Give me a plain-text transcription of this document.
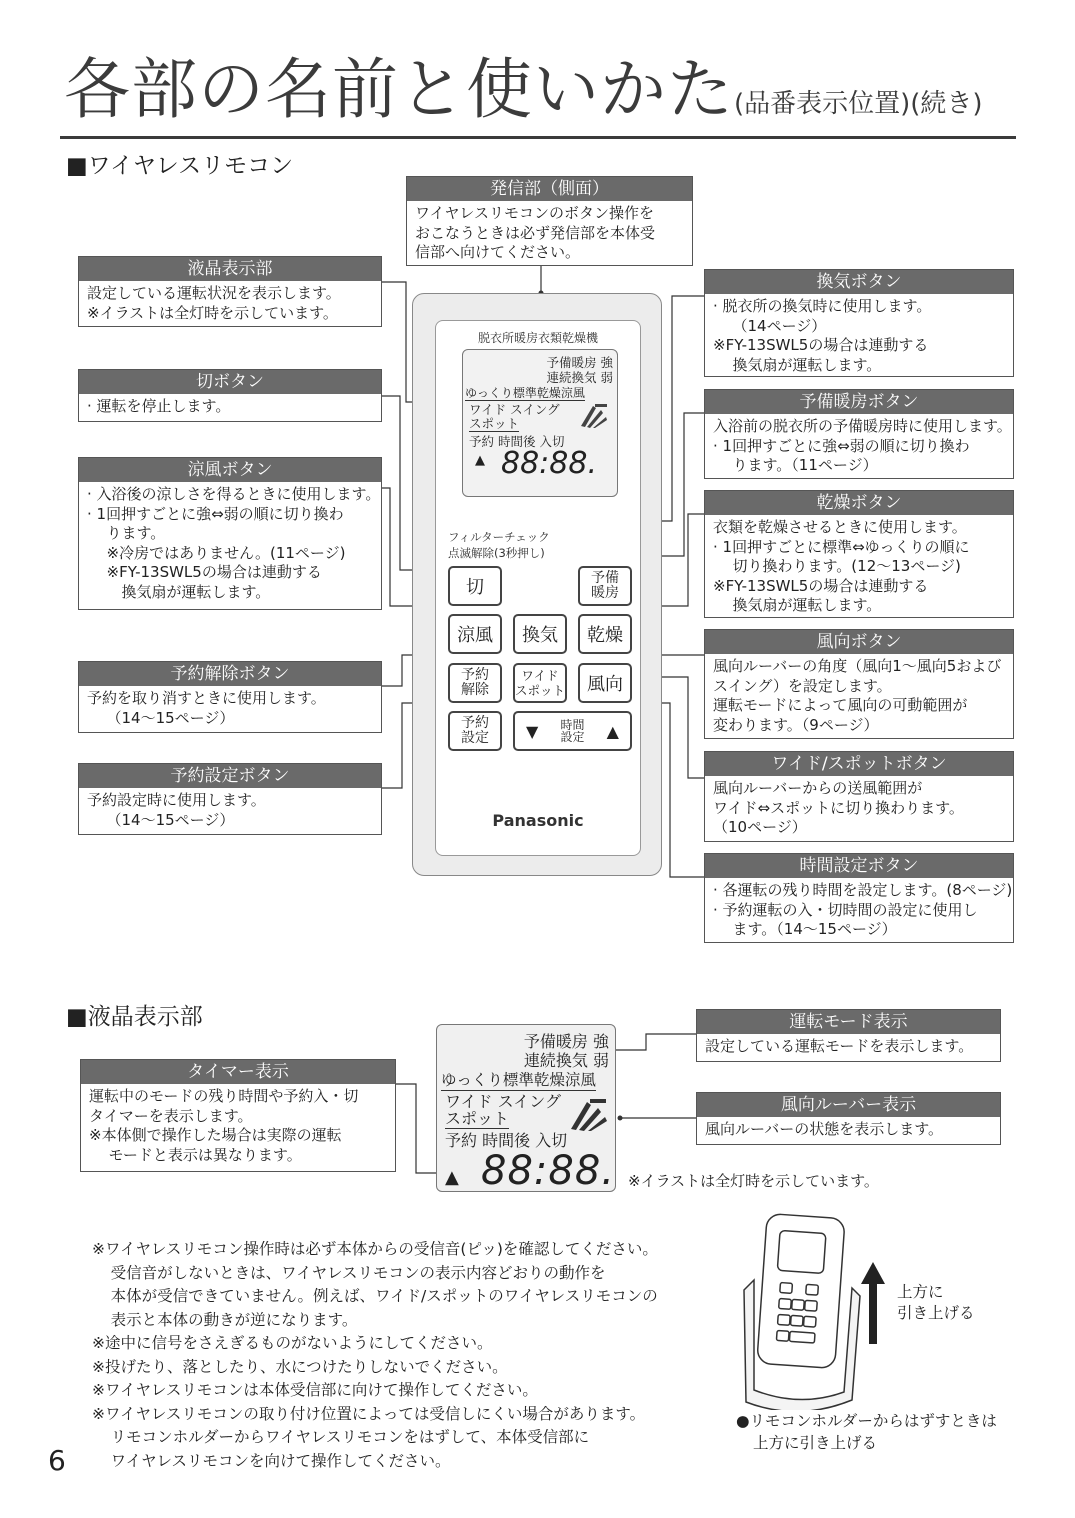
各部の名前と使いかた(品番表示位置)(続き)
■ワイヤレスリモコン
■液晶表示部
発信部（側面）
ワイヤレスリモコンのボタン操作を
おこなうときは必ず発信部を本体受
信部へ向けてください。
液晶表示部
設定している運転状況を表示します。
※イラストは全灯時を示しています。
切ボタン
· 運転を停止します。
涼風ボタン
· 入浴後の涼しさを得るときに使用します。
· 1回押すごとに強⇔弱の順に切り換わ
ります。
※冷房ではありません。(11ページ)
※FY-13SWL5の場合は連動する
換気扇が運転します。
予約解除ボタン
予約を取り消すときに使用します。
（14〜15ページ）
予約設定ボタン
予約設定時に使用します。
（14〜15ページ）
換気ボタン
· 脱衣所の換気時に使用します。
（14ページ）
※FY-13SWL5の場合は連動する
換気扇が運転します。
予備暖房ボタン
入浴前の脱衣所の予備暖房時に使用します。
· 1回押すごとに強⇔弱の順に切り換わ
ります。（11ページ）
乾燥ボタン
衣類を乾燥させるときに使用します。
· 1回押すごとに標準⇔ゆっくりの順に
切り換わります。(12〜13ページ)
※FY-13SWL5の場合は連動する
換気扇が運転します。
風向ボタン
風向ルーバーの角度（風向1〜風向5および
スイング）を設定します。
運転モードによって風向の可動範囲が
変わります。（9ページ）
ワイド/スポットボタン
風向ルーバーからの送風範囲が
ワイド⇔スポットに切り換わります。
（10ページ）
時間設定ボタン
· 各運転の残り時間を設定します。(8ページ)
· 予約運転の入・切時間の設定に使用し
ます。（14〜15ページ）
脱衣所暖房衣類乾燥機
予備暖房 強
連続換気 弱
ゆっくり標準乾燥涼風
ワイド スイング
スポット
予約 時間後 入切
▲ 88:88.
フィルターチェック
点滅解除(3秒押し)
切	予備
暖房
涼風	換気	乾燥
予約
解除
ワイド
スポット	風向
予約
設定 ▼ 時間
設定 ▲
Panasonic
予備暖房 強
連続換気 弱
ゆっくり標準乾燥涼風
ワイド スイング
スポット
予約 時間後 入切
▲ 88:88.
タイマー表示
運転中のモードの残り時間や予約入・切
タイマーを表示します。
※本体側で操作した場合は実際の運転
モードと表示は異なります。
運転モード表示
設定している運転モードを表示します。
風向ルーバー表示
風向ルーバーの状態を表示します。
※イラストは全灯時を示しています。
※ワイヤレスリモコン操作時は必ず本体からの受信音(ピッ)を確認してください。
受信音がしないときは、ワイヤレスリモコンの表示内容どおりの動作を
本体が受信できていません。例えば、ワイド/スポットのワイヤレスリモコンの
表示と本体の動きが逆になります。
※途中に信号をさえぎるものがないようにしてください。
※投げたり、落としたり、水につけたりしないでください。
※ワイヤレスリモコンは本体受信部に向けて操作してください。
※ワイヤレスリモコンの取り付け位置によっては受信しにくい場合があります。
リモコンホルダーからワイヤレスリモコンをはずして、本体受信部に
ワイヤレスリモコンを向けて操作してください。
上方に
引き上げる
●リモコンホルダーからはずすときは
上方に引き上げる
6
